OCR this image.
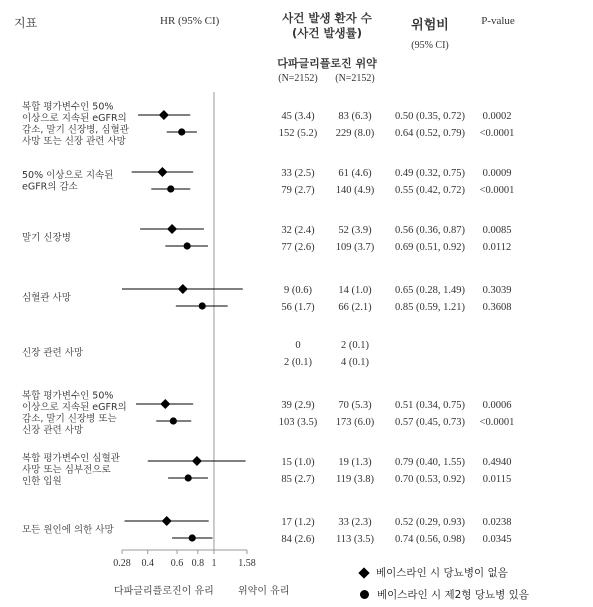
지표	HR (95% CI)	사건 발생 환자 수
(사건 발생률)	위험비
(95% CI)
P-value
다파글리플로진 위약
(N=2152)	(N=2152)
0.28 0.4 0.6 0.8 1 1.58
복합 평가변수인 50%
이상으로 지속된 eGFR의
감소, 말기 신장병, 심혈관
사망 또는 신장 관련 사망
45 (3.4) 83 (6.3) 0.50 (0.35, 0.72) 0.0002
152 (5.2) 229 (8.0) 0.64 (0.52, 0.79) <0.0001
50% 이상으로 지속된
eGFR의 감소
33 (2.5) 61 (4.6) 0.49 (0.32, 0.75) 0.0009
79 (2.7) 140 (4.9) 0.55 (0.42, 0.72) <0.0001
말기 신장병
32 (2.4) 52 (3.9) 0.56 (0.36, 0.87) 0.0085
77 (2.6) 109 (3.7) 0.69 (0.51, 0.92) 0.0112
심혈관 사망
9 (0.6)	14 (1.0) 0.65 (0.28, 1.49) 0.3039
56 (1.7) 66 (2.1) 0.85 (0.59, 1.21) 0.3608
신장 관련 사망
0	2 (0.1)
2 (0.1)	4 (0.1)
복합 평가변수인 50%
이상으로 지속된 eGFR의
감소, 말기 신장병 또는
신장 관련 사망
39 (2.9) 70 (5.3) 0.51 (0.34, 0.75) 0.0006
103 (3.5) 173 (6.0) 0.57 (0.45, 0.73) <0.0001
복합 평가변수인 심혈관
사망 또는 심부전으로
인한 입원
15 (1.0) 19 (1.3) 0.79 (0.40, 1.55) 0.4940
85 (2.7) 119 (3.8) 0.70 (0.53, 0.92) 0.0115
모든 원인에 의한 사망
17 (1.2) 33 (2.3) 0.52 (0.29, 0.93) 0.0238
84 (2.6) 113 (3.5) 0.74 (0.56, 0.98) 0.0345
다파글리플로진이 유리 위약이 유리
베이스라인 시 당뇨병이 없음
베이스라인 시 제2형 당뇨병 있음
